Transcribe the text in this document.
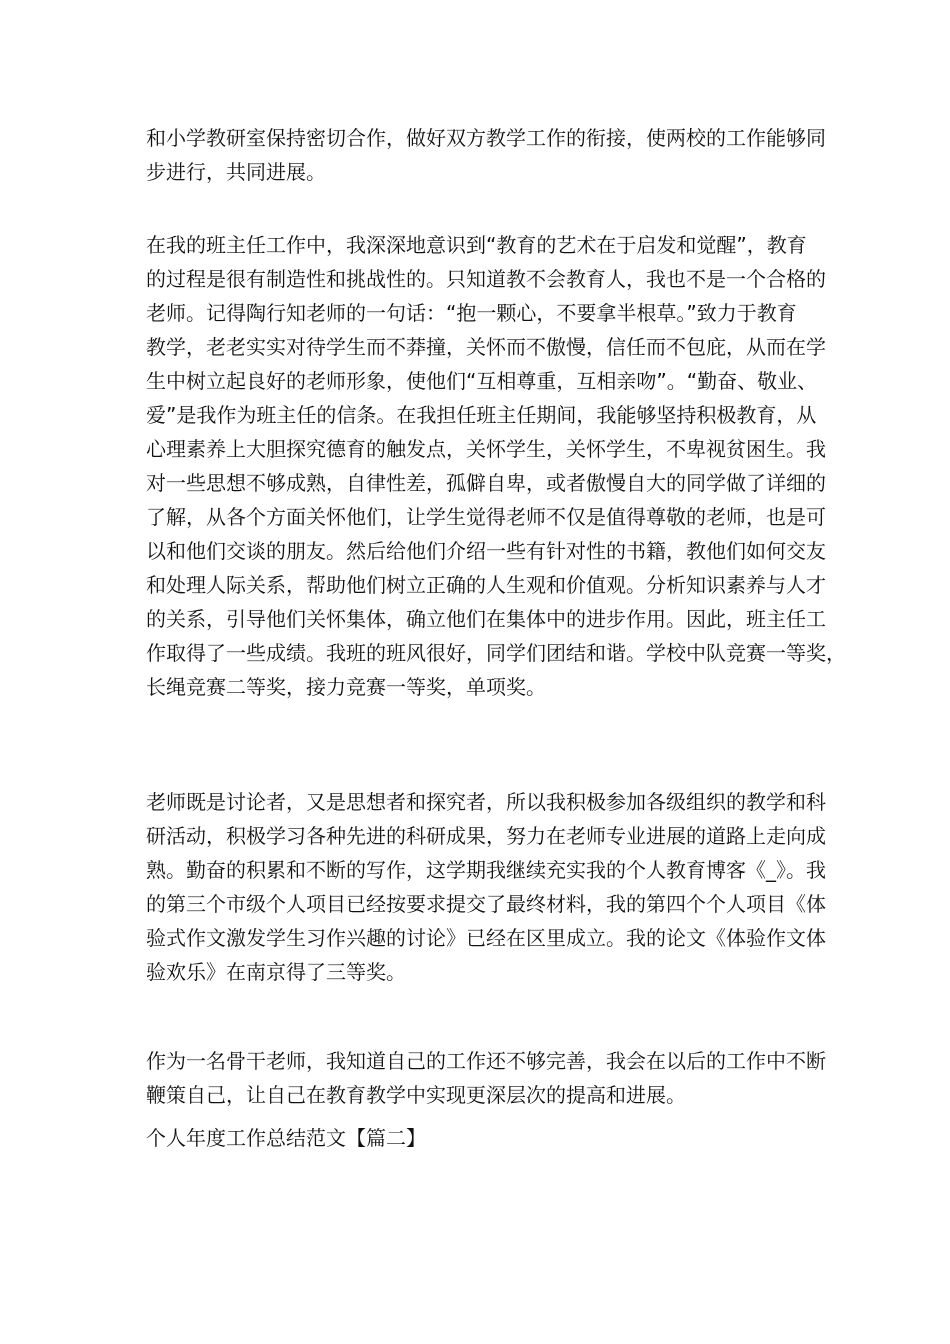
和小学教研室保持密切合作，做好双方教学工作的衔接，使两校的工作能够同
步进行，共同进展。
在我的班主任工作中，我深深地意识到“教育的艺术在于启发和觉醒”，教育
的过程是很有制造性和挑战性的。只知道教不会教育人，我也不是一个合格的
老师。记得陶行知老师的一句话：“抱一颗心，不要拿半根草。”致力于教育
教学，老老实实对待学生而不莽撞，关怀而不傲慢，信任而不包庇，从而在学
生中树立起良好的老师形象，使他们“互相尊重，互相亲吻”。“勤奋、敬业、
爱”是我作为班主任的信条。在我担任班主任期间，我能够坚持积极教育，从
心理素养上大胆探究德育的触发点，关怀学生，关怀学生，不卑视贫困生。我
对一些思想不够成熟，自律性差，孤僻自卑，或者傲慢自大的同学做了详细的
了解，从各个方面关怀他们，让学生觉得老师不仅是值得尊敬的老师，也是可
以和他们交谈的朋友。然后给他们介绍一些有针对性的书籍，教他们如何交友
和处理人际关系，帮助他们树立正确的人生观和价值观。分析知识素养与人才
的关系，引导他们关怀集体，确立他们在集体中的进步作用。因此，班主任工
作取得了一些成绩。我班的班风很好，同学们团结和谐。学校中队竞赛一等奖，
长绳竞赛二等奖，接力竞赛一等奖，单项奖。
老师既是讨论者，又是思想者和探究者，所以我积极参加各级组织的教学和科
研活动，积极学习各种先进的科研成果，努力在老师专业进展的道路上走向成
熟。勤奋的积累和不断的写作，这学期我继续充实我的个人教育博客《_》。我
的第三个市级个人项目已经按要求提交了最终材料，我的第四个个人项目《体
验式作文激发学生习作兴趣的讨论》已经在区里成立。我的论文《体验作文体
验欢乐》在南京得了三等奖。
作为一名骨干老师，我知道自己的工作还不够完善，我会在以后的工作中不断
鞭策自己，让自己在教育教学中实现更深层次的提高和进展。
个人年度工作总结范文【篇二】
